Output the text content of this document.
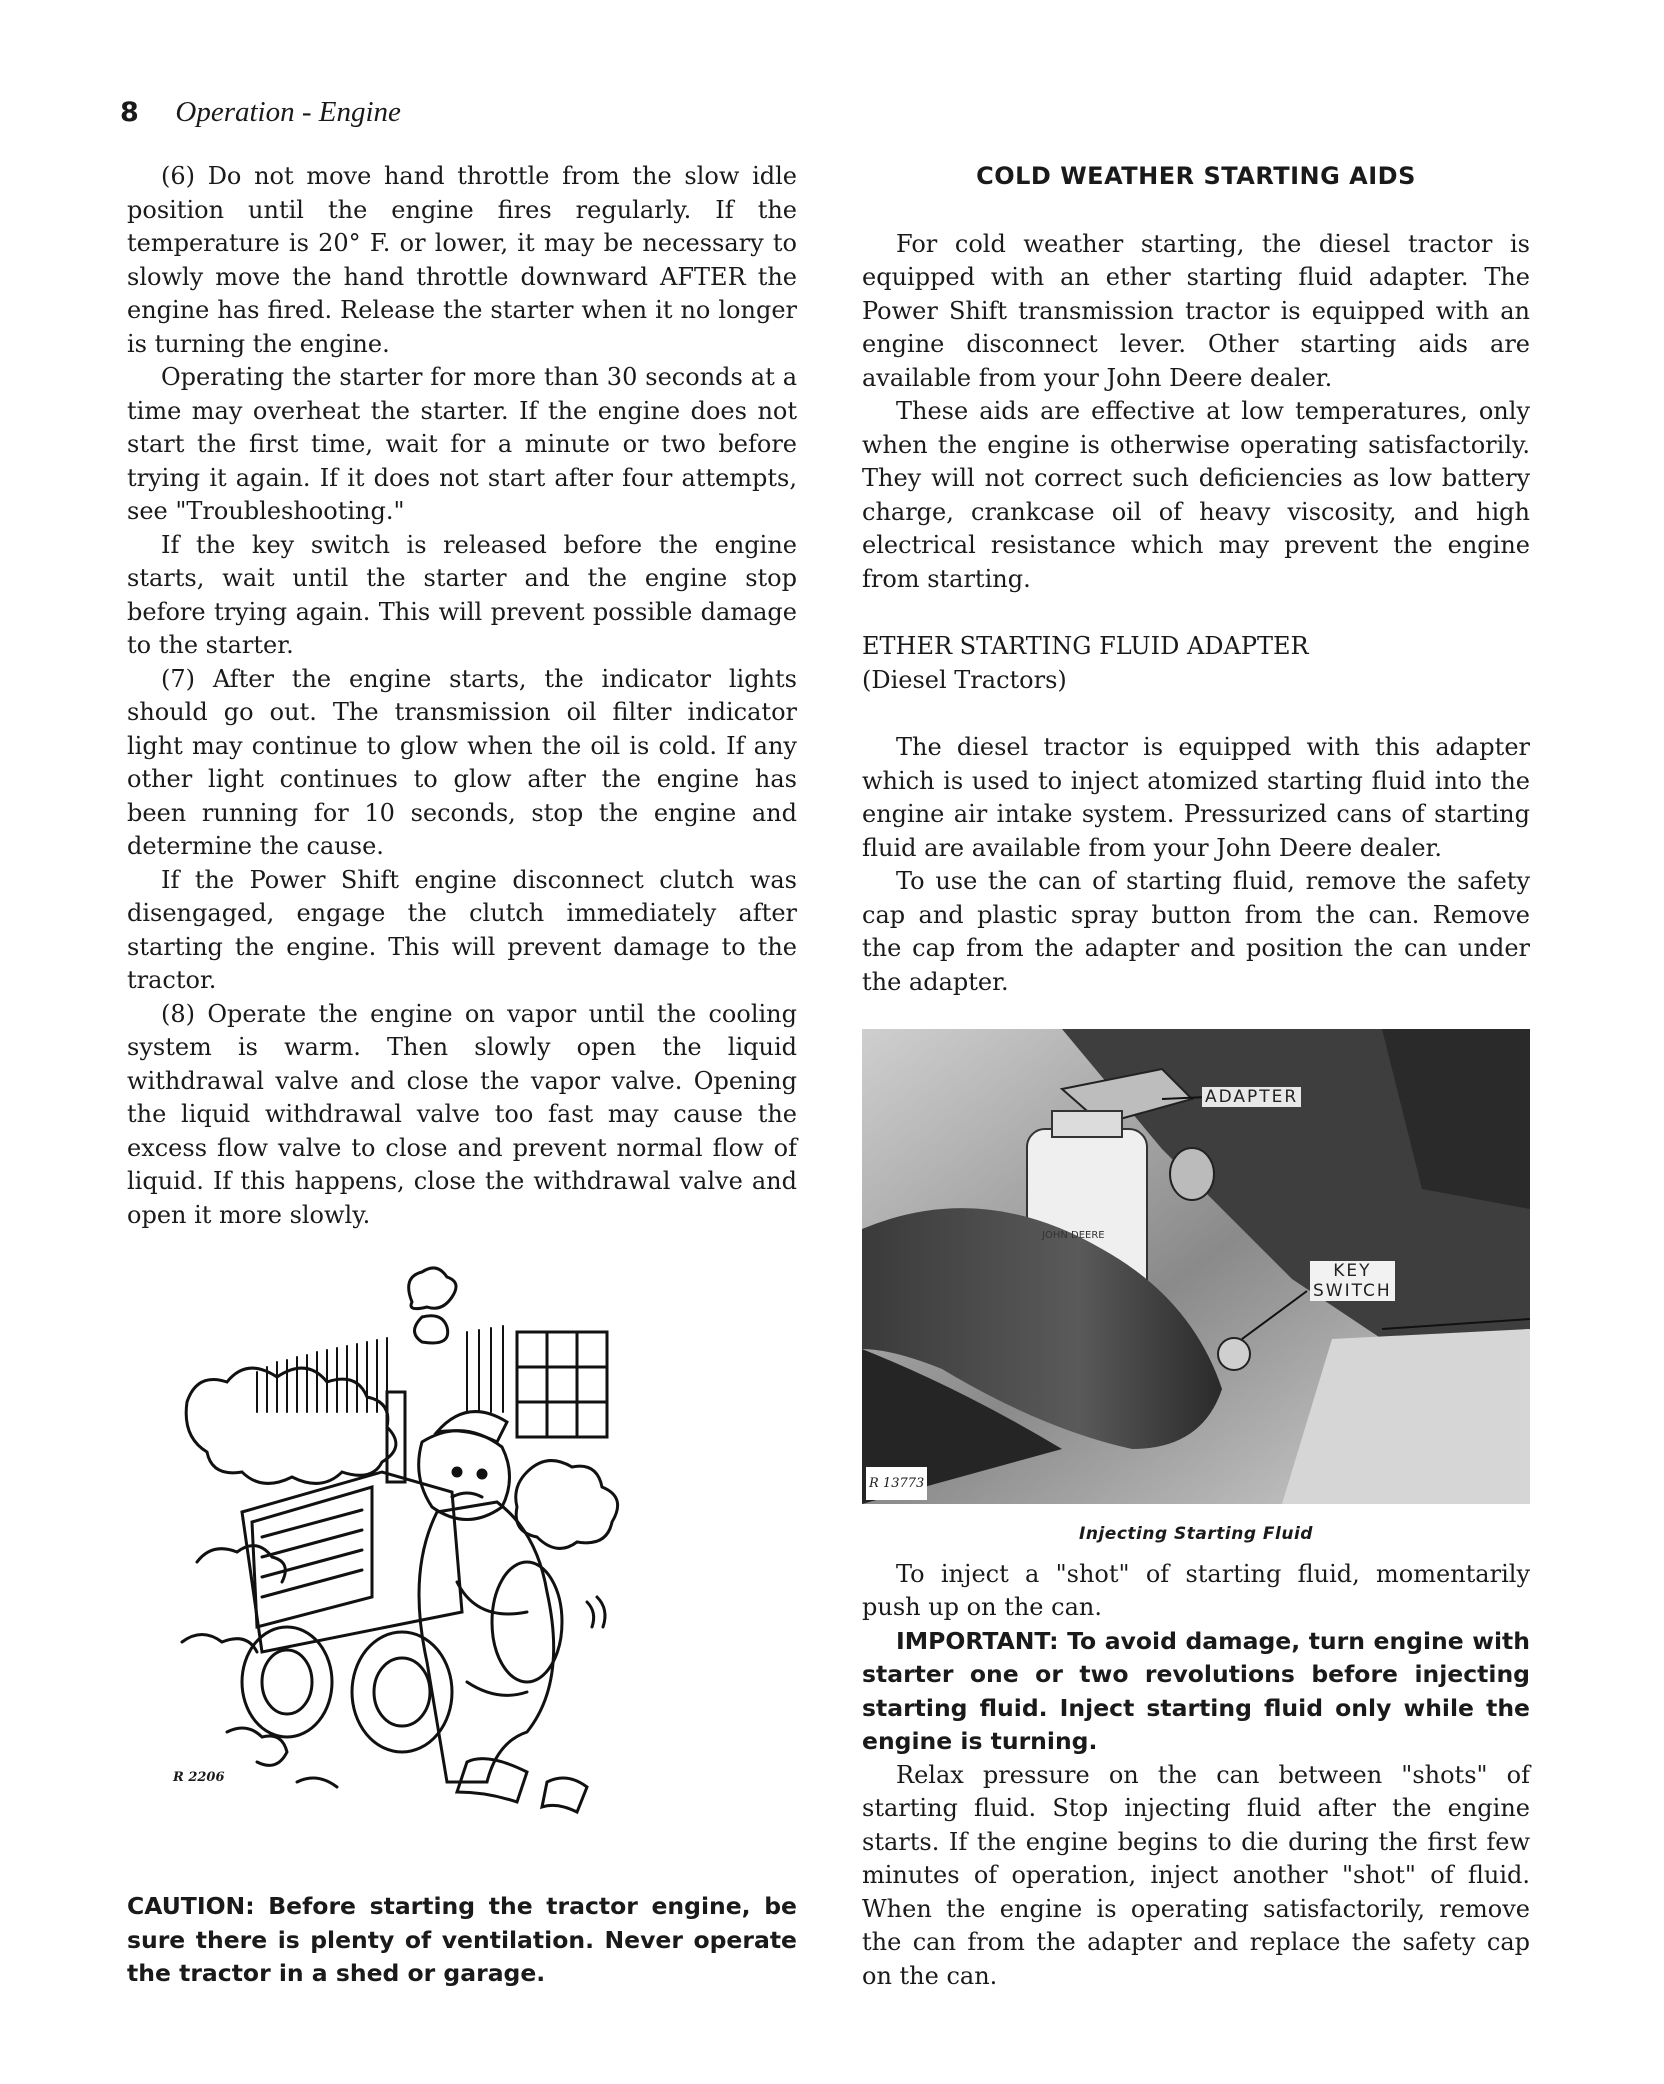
8 Operation - Engine

(6) Do not move hand throttle from the slow idle position until the engine fires regularly. If the temperature is 20° F. or lower, it may be necessary to slowly move the hand throttle downward AFTER the engine has fired. Release the starter when it no longer is turning the engine.

Operating the starter for more than 30 seconds at a time may overheat the starter. If the engine does not start the first time, wait for a minute or two before trying it again. If it does not start after four attempts, see "Troubleshooting."

If the key switch is released before the engine starts, wait until the starter and the engine stop before trying again. This will prevent possible damage to the starter.

(7) After the engine starts, the indicator lights should go out. The transmission oil filter indicator light may continue to glow when the oil is cold. If any other light continues to glow after the engine has been running for 10 seconds, stop the engine and determine the cause.

If the Power Shift engine disconnect clutch was disengaged, engage the clutch immediately after starting the engine. This will prevent damage to the tractor.

(8) Operate the engine on vapor until the cooling system is warm. Then slowly open the liquid withdrawal valve and close the vapor valve. Opening the liquid withdrawal valve too fast may cause the excess flow valve to close and prevent normal flow of liquid. If this happens, close the withdrawal valve and open it more slowly.

R 2206

CAUTION: Before starting the tractor engine, be sure there is plenty of ventilation. Never operate the tractor in a shed or garage.

COLD WEATHER STARTING AIDS

For cold weather starting, the diesel tractor is equipped with an ether starting fluid adapter. The Power Shift transmission tractor is equipped with an engine disconnect lever. Other starting aids are available from your John Deere dealer.

These aids are effective at low temperatures, only when the engine is otherwise operating satisfactorily. They will not correct such deficiencies as low battery charge, crankcase oil of heavy viscosity, and high electrical resistance which may prevent the engine from starting.

ETHER STARTING FLUID ADAPTER

(Diesel Tractors)

The diesel tractor is equipped with this adapter which is used to inject atomized starting fluid into the engine air intake system. Pressurized cans of starting fluid are available from your John Deere dealer.

To use the can of starting fluid, remove the safety cap and plastic spray button from the can. Remove the cap from the adapter and position the can under the adapter.

ADAPTER
KEY
SWITCH
JOHN DEERE
R 13773

Injecting Starting Fluid

To inject a "shot" of starting fluid, momentarily push up on the can.

IMPORTANT: To avoid damage, turn engine with starter one or two revolutions before injecting starting fluid. Inject starting fluid only while the engine is turning.

Relax pressure on the can between "shots" of starting fluid. Stop injecting fluid after the engine starts. If the engine begins to die during the first few minutes of operation, inject another "shot" of fluid. When the engine is operating satisfactorily, remove the can from the adapter and replace the safety cap on the can.
